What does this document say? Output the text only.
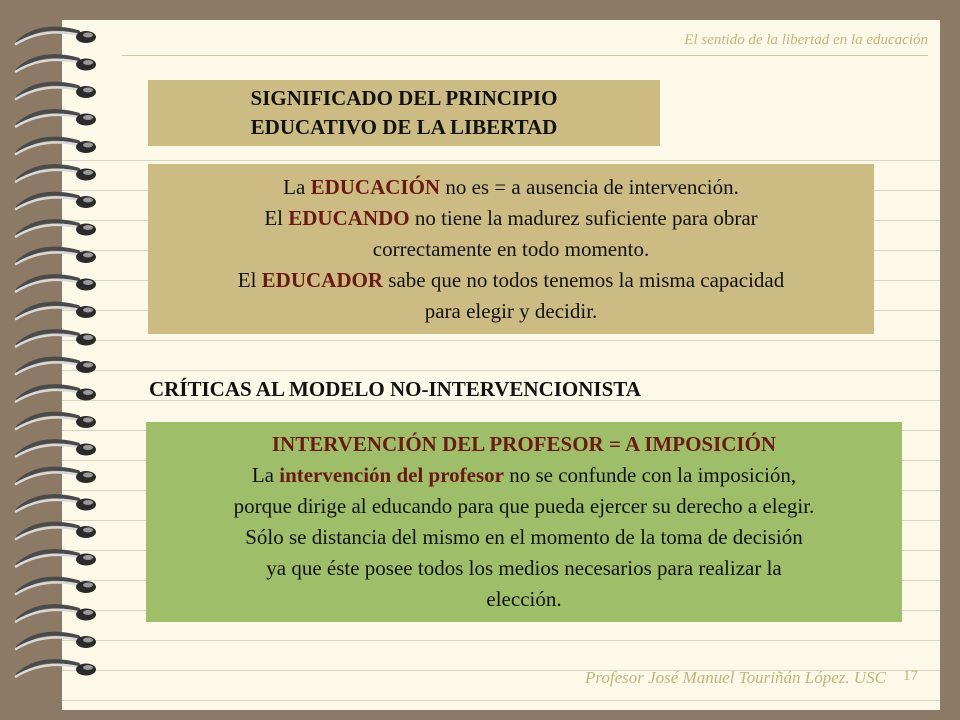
El sentido de la libertad en la educación
SIGNIFICADO DEL PRINCIPIO
EDUCATIVO DE LA LIBERTAD
La EDUCACIÓN no es = a ausencia de intervención.
El EDUCANDO no tiene la madurez suficiente para obrar
correctamente en todo momento.
El EDUCADOR sabe que no todos tenemos la misma capacidad
para elegir y decidir.
CRÍTICAS AL MODELO NO-INTERVENCIONISTA
INTERVENCIÓN DEL PROFESOR = A IMPOSICIÓN
La intervención del profesor no se confunde con la imposición,
porque dirige al educando para que pueda ejercer su derecho a elegir.
Sólo se distancia del mismo en el momento de la toma de decisión
ya que éste posee todos los medios necesarios para realizar la
elección.
Profesor José Manuel Touriñán López. USC 17
